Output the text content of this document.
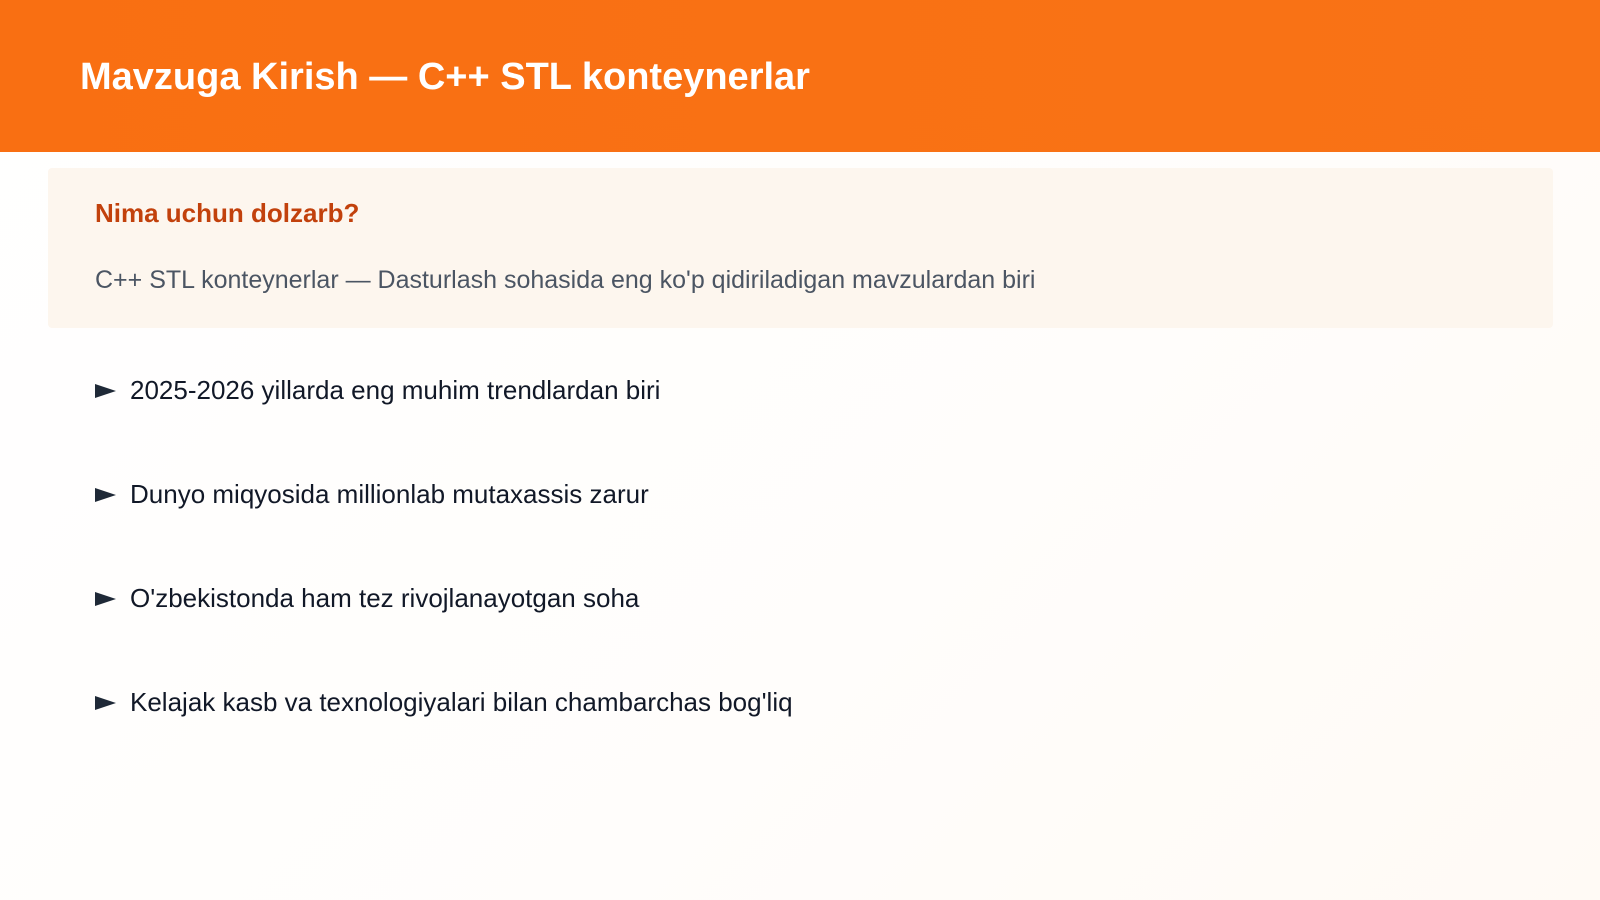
Mavzuga Kirish — C++ STL konteynerlar
Nima uchun dolzarb?

C++ STL konteynerlar — Dasturlash sohasida eng ko'p qidiriladigan mavzulardan biri

2025-2026 yillarda eng muhim trendlardan biri
Dunyo miqyosida millionlab mutaxassis zarur
O'zbekistonda ham tez rivojlanayotgan soha
Kelajak kasb va texnologiyalari bilan chambarchas bog'liq
